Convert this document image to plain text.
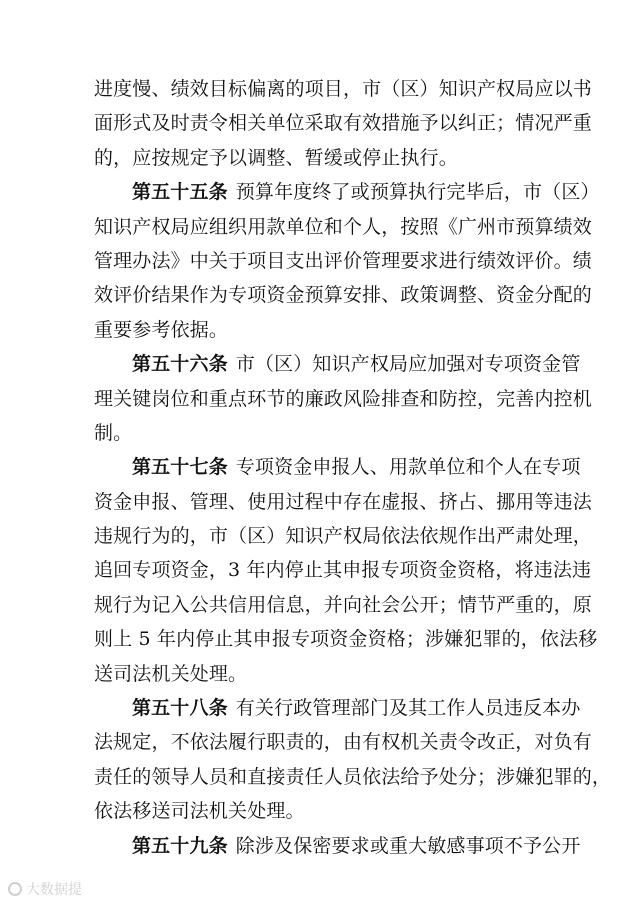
进度慢、绩效目标偏离的项目，市（区）知识产权局应以书
面形式及时责令相关单位采取有效措施予以纠正；情况严重
的，应按规定予以调整、暂缓或停止执行。
第五十五条 预算年度终了或预算执行完毕后，市（区）
知识产权局应组织用款单位和个人，按照《广州市预算绩效
管理办法》中关于项目支出评价管理要求进行绩效评价。绩
效评价结果作为专项资金预算安排、政策调整、资金分配的
重要参考依据。
第五十六条 市（区）知识产权局应加强对专项资金管
理关键岗位和重点环节的廉政风险排查和防控，完善内控机
制。
第五十七条 专项资金申报人、用款单位和个人在专项
资金申报、管理、使用过程中存在虚报、挤占、挪用等违法
违规行为的，市（区）知识产权局依法依规作出严肃处理，
追回专项资金，3 年内停止其申报专项资金资格，将违法违
规行为记入公共信用信息，并向社会公开；情节严重的，原
则上 5 年内停止其申报专项资金资格；涉嫌犯罪的，依法移
送司法机关处理。
第五十八条 有关行政管理部门及其工作人员违反本办
法规定，不依法履行职责的，由有权机关责令改正，对负有
责任的领导人员和直接责任人员依法给予处分；涉嫌犯罪的，
依法移送司法机关处理。
第五十九条 除涉及保密要求或重大敏感事项不予公开
大数据提
